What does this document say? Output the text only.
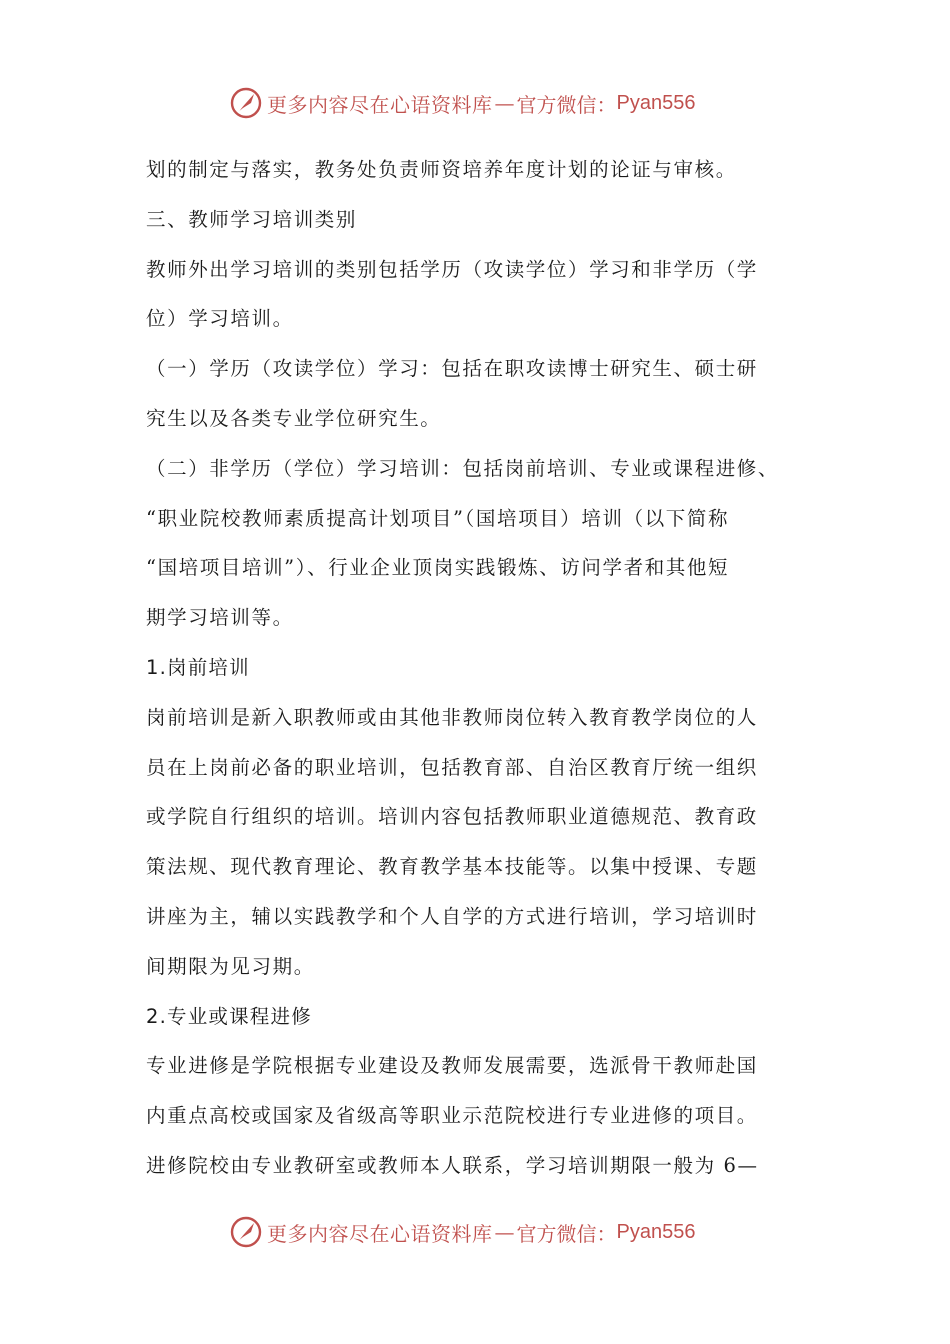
更多内容尽在心语资料库 — 官方微信： Pyan556
划的制定与落实，教务处负责师资培养年度计划的论证与审核。
三、教师学习培训类别
教师外出学习培训的类别包括学历（攻读学位）学习和非学历（学
位）学习培训。
（一）学历（攻读学位）学习：包括在职攻读博士研究生、硕士研
究生以及各类专业学位研究生。
（二）非学历（学位）学习培训：包括岗前培训、专业或课程进修、
“职业院校教师素质提高计划项目”（国培项目）培训（以下简称
“国培项目培训”）、行业企业顶岗实践锻炼、访问学者和其他短
期学习培训等。
1.岗前培训
岗前培训是新入职教师或由其他非教师岗位转入教育教学岗位的人
员在上岗前必备的职业培训，包括教育部、自治区教育厅统一组织
或学院自行组织的培训。培训内容包括教师职业道德规范、教育政
策法规、现代教育理论、教育教学基本技能等。以集中授课、专题
讲座为主，辅以实践教学和个人自学的方式进行培训，学习培训时
间期限为见习期。
2.专业或课程进修
专业进修是学院根据专业建设及教师发展需要，选派骨干教师赴国
内重点高校或国家及省级高等职业示范院校进行专业进修的项目。
进修院校由专业教研室或教师本人联系，学习培训期限一般为 6—
更多内容尽在心语资料库 — 官方微信： Pyan556
